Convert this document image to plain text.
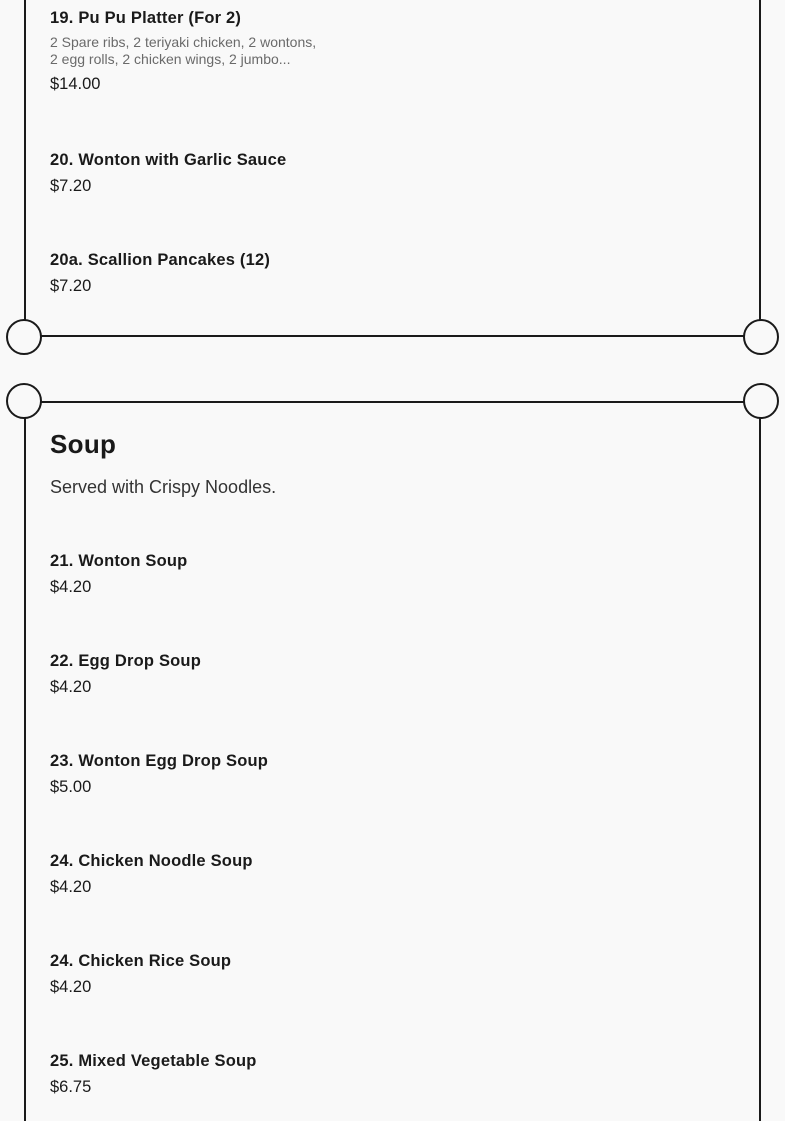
19. Pu Pu Platter (For 2)
2 Spare ribs, 2 teriyaki chicken, 2 wontons,
2 egg rolls, 2 chicken wings, 2 jumbo...
$14.00
20. Wonton with Garlic Sauce
$7.20
20a. Scallion Pancakes (12)
$7.20
Soup
Served with Crispy Noodles.
21. Wonton Soup
$4.20
22. Egg Drop Soup
$4.20
23. Wonton Egg Drop Soup
$5.00
24. Chicken Noodle Soup
$4.20
24. Chicken Rice Soup
$4.20
25. Mixed Vegetable Soup
$6.75
